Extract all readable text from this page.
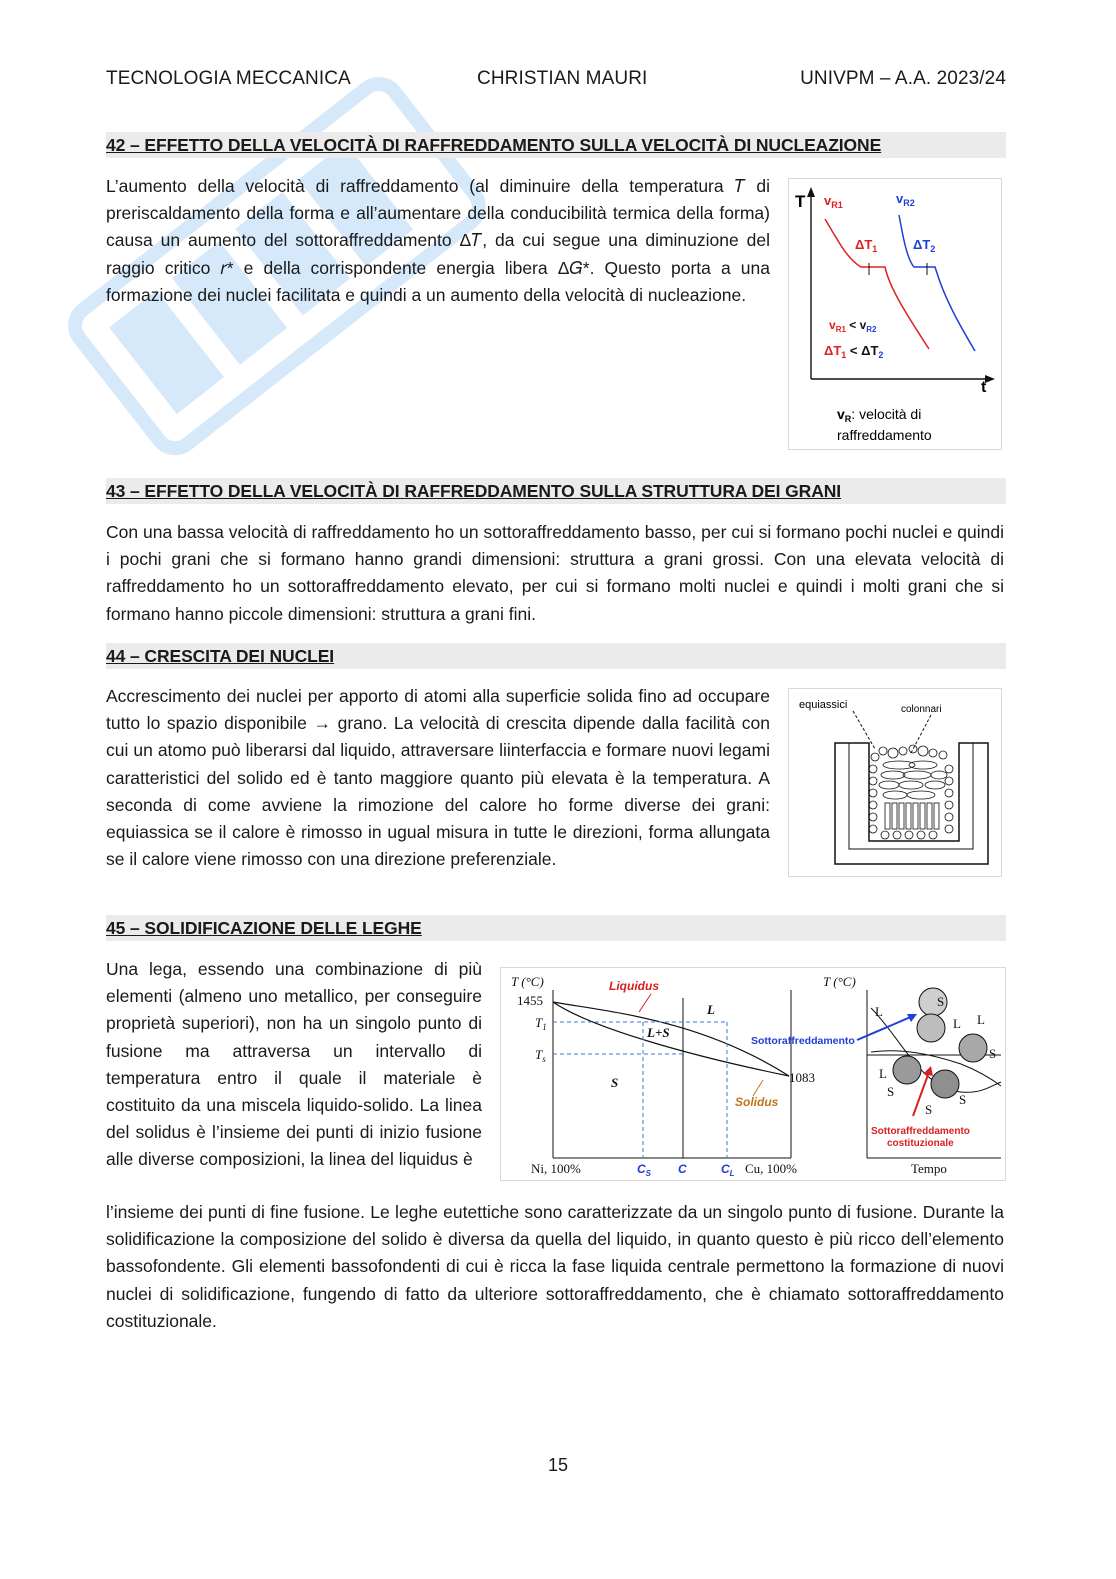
TECNOLOGIA MECCANICA	CHRISTIAN MAURI	UNIVPM – A.A. 2023/24
42 – EFFETTO DELLA VELOCITÀ DI RAFFREDDAMENTO SULLA VELOCITÀ DI NUCLEAZIONE

L’aumento della velocità di raffreddamento (al diminuire della temperatura 𝑇 di preriscaldamento della forma e all’aumentare della conducibilità termica della forma) causa un aumento del sottoraffreddamento Δ𝑇, da cui segue una diminuzione del raggio critico 𝑟* e della corrispondente energia libera Δ𝐺*. Questo porta a una formazione dei nuclei facilitata e quindi a un aumento della velocità di nucleazione.

T
t
$v_{R1}$	$v_{R2}$
$\Delta T_1$	$\Delta T_2$
$v_{R1} < v_{R2}$
$\Delta T_1 < \Delta T_2$
$v_R$: velocità di
raffreddamento
43 – EFFETTO DELLA VELOCITÀ DI RAFFREDDAMENTO SULLA STRUTTURA DEI GRANI

Con una bassa velocità di raffreddamento ho un sottoraffreddamento basso, per cui si formano pochi nuclei e quindi i pochi grani che si formano hanno grandi dimensioni: struttura a grani grossi. Con una elevata velocità di raffreddamento ho un sottoraffreddamento elevato, per cui si formano molti nuclei e quindi i molti grani che si formano hanno piccole dimensioni: struttura a grani fini.

44 – CRESCITA DEI NUCLEI

Accrescimento dei nuclei per apporto di atomi alla superficie solida fino ad occupare tutto lo spazio disponibile → grano. La velocità di crescita dipende dalla facilità con cui un atomo può liberarsi dal liquido, attraversare liinterfaccia e formare nuovi legami caratteristici del solido ed è tanto maggiore quanto più elevata è la temperatura. A seconda di come avviene la rimozione del calore ho forme diverse dei grani: equiassica se il calore è rimosso in ugual misura in tutte le direzioni, forma allungata se il calore viene rimosso con una direzione preferenziale.

equiassici	colonnari
45 – SOLIDIFICAZIONE DELLE LEGHE

Una lega, essendo una combinazione di più elementi (almeno uno metallico, per conseguire proprietà superiori), non ha un singolo punto di fusione ma attraversa un intervallo di temperatura entro il quale il materiale è costituito da una miscela liquido-solido. La linea del solidus è l’insieme dei punti di inizio fusione alle diverse composizioni, la linea del liquidus è

l’insieme dei punti di fine fusione. Le leghe eutettiche sono caratterizzate da un singolo punto di fusione. Durante la solidificazione la composizione del solido è diversa da quella del liquido, in quanto questo è più ricco dell’elemento bassofondente. Gli elementi bassofondenti di cui è ricca la fase liquida centrale permettono la formazione di nuovi nuclei di solidificazione, fungendo di fatto da ulteriore sottoraffreddamento, che è chiamato sottoraffreddamento costituzionale.

T (°C)
1455
$T_1$
$T_s$
L
L+S
S	1083
Ni, 100%	Cu, 100%
T (°C)
Tempo
Liquidus
Solidus
$C_S$ C	$C_L$
L
L L
L
S
S
S
S
S
Sottoraffreddamento
Sottoraffreddamento
costituzionale
15
